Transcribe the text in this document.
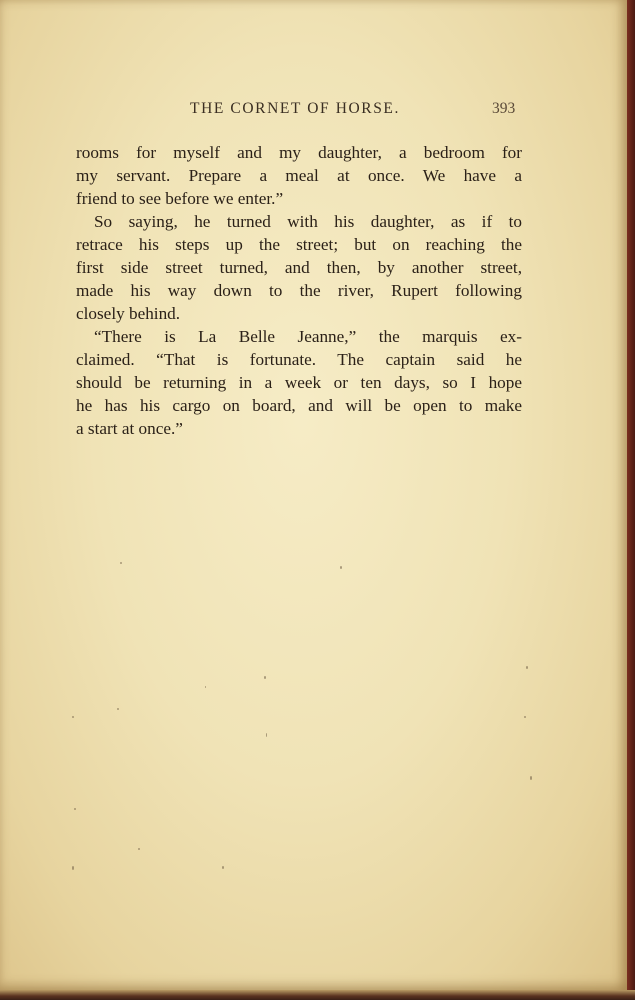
THE CORNET OF HORSE.	393
rooms for myself and my daughter, a bedroom for
my servant. Prepare a meal at once. We have a
friend to see before we enter.”
So saying, he turned with his daughter, as if to
retrace his steps up the street; but on reaching the
first side street turned, and then, by another street,
made his way down to the river, Rupert following
closely behind.
“There is La Belle Jeanne,” the marquis ex-
claimed. “That is fortunate. The captain said he
should be returning in a week or ten days, so I hope
he has his cargo on board, and will be open to make
a start at once.”
